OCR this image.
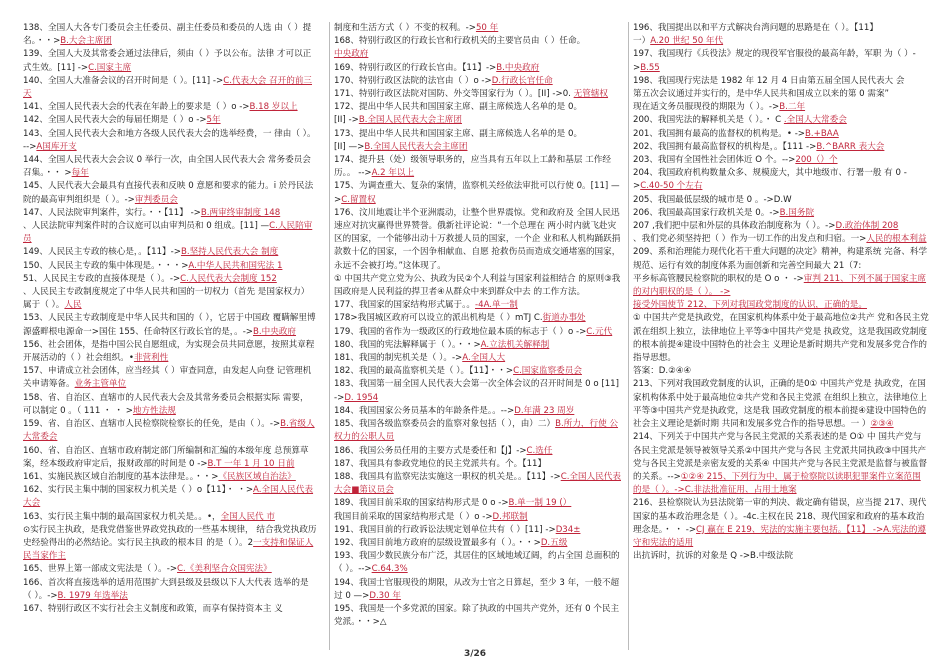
138、全国人大各专门委员会主任委员、副主任委员和委员的人选 由（ ）提名。・・>B.大会主席团
139、全国人大及其常委会通过法律后，须由（ ）予以公布。法律 才可以正式生效。[11] ->C.国家主席
140、全国人大准备会议的召开时间是（ ）。[11] ->C.代表大会 召开的前三天
141、全国人民代表大会的代表在年龄上的要求是（ ）o ->B.18 岁以上
142、全国人民代表大会的每届任期是（ ）o ->5年
143、全国人民代表大会和地方各级人民代表大会的选举经费，一 律由（ ）。 -->A国库开支
144、全国人民代表大会会议 0 举行一次，由全国人民代表大会 常务委员会召集。・・ >每年
145、人民代表大会最具有直接代表和反映 0 意愿和要求的能力。i 於丹民法院的最高审判组织是（ ）。->审判委员会
147、人民法院审判案件，实行。・・【11】 ->B.两审终审制度 148
、人民法院审判案件时的合议庭可以由审判员和 0 组成。[11] —C.人民陪审员
149、人民民主专政的核心是，。【11】->B.坚持人民代表大会 制度
150、人民民主专政的集中体现是。・・・>A.中华人民共和国宪法 1
51、人民民主专政的直接体现是（ ）。->C.人民代表大会制度 152
、人民民主专政制度规定了中华人民共和国的一切权力（首先 是国家权力）属于（ ）。人民
153、人民民主专政制度是中华人民共和国的（ ），它居于中国政 覆瞒解里博源盛畔根电源命一>国住 155、任命特区行政长官的是，。->B.中央政府
156、社会团体，是指中国公民自愿组成，为实现会员共同意愿，按照其章程开展活动的（ ）社会组织。•非营利性
157、申请成立社会团体，应当经其（ ）审查同意，由发起人向登 记管理机关申请筹备。业务主管单位
158、省、自治区、直辖市的人民代表大会及其常务委员会根据实际 需要，可以制定 0 。（ 111 ・ ・ >地方性法规
159、省、自治区、直辖市人民检察院检察长的任免，是由（ ）。->B.省级人大常委会
160、省、自治区、直辖市政府制定部门所编制和汇编的本级年度 总预算草案，经本级政府审定后，报财政部的时间是 0 ->B.T 一年 1 月 10 日前
161、实施民族区域自治制度的基本法律是。。・・>《民族区域自治法》
162、实行民主集中制的国家权力机关是（ ）o【11】・ ・>A.全国人民代表大会
163、实行民主集中制的最高国家权力机关是。。•，全国人民代 市
⊙实行民主执政，是我党借鉴世界政党执政的一些基本规律， 结合我党执政历史经验得出的必然结论。实行民主执政的根本目 的是（ ）。2一支持和保证人民当家作主
165、世界上第一部成文宪法是（ ）。->C.《美利坚合众国宪法》
166、首次将直接选举的适用范围扩大到县级及县级以下人大代表 选举的是（ ）。->B. 1979 年选举法
167、特别行政区不实行社会主义制度和政策，而享有保持资本主 义
制度和生活方式（ ）不变的权利。->50 年
168、特别行政区的行政长官和行政机关的主要官员由（ ）任命。
中央政府
169、特别行政区的行政长官由。【11】->B.中央政府
170、特别行政区法院的法官由（ ）o ->D.行政长官任命
171、特别行政区法院对国防、外交等国家行为（ ）。[II] ->0. 无管辖权
172、提出中华人民共和国国家主席、副主席候选人名单的是 0。
[II] ->B.全国人民代表大会主席团
173、提出中华人民共和国国家主席、副主席候选人名单的是 0。
[II] —>B.全国人民代表大会主席团
174、提升县（处）级领导职务的，应当具有五年以上工龄和基层 工作经历。。 -->A.2 年以上
175、为调查重大、复杂的案情，监察机关经依法审批可以行使 0。[11] —>C.留置权
176、汶川地震让半个亚洲震动，让整个世界震惊。党和政府及 全国人民迅速应对抗灾赢得世界赞誉。俄新社评论说：“一个总理在 两小时内就飞赴灾区的国家，一个能够出动十万救援人员的国家，一个企 业和私人机构踊跃捐款数十亿的国家，一个因争相献血、自愿 抢救伤员而造成交通堵塞的国家，永远不会被打垮。”这体现了。
① 中国共产党立党为公、执政为民②个人利益与国家利益相结合 的原则③我国政府是人民利益的捍卫者④从群众中来到群众中去 的工作方法。
177、我国家的国家结构形式属于。。-4A.单一制
178>我国城区政府可以设立的派出机构是（ ）mTJ C.街道办事处
179、我国的省作为一级政区的行政地位最本质的标志于（ ）o ->C.元代
180、我国的宪法解释属于（ ）。・・>A.立法机关解释制
181、我国的制宪机关是（ ）。->A.全国人大
182、我国的最高监察机关是（ ）。【11】・・>C.国家监察委员会
183、我国第一届全国人民代表大会第一次全体会议的召开时间是 0 o [11] ->D. 1954
184、我国国家公务员基本的年龄条件是。。-->D.年满 23 周岁
185、我国各级监察委员会的监察对象包括（ ），由）二）B.所力，行使 公 权力的公职人员
186、我国公务员任用的主要方式是委任和【J】->C.选任
187、我国具有参政党地位的民主党派共有。个。【11】
188、我国具有监察宪法实施这一职权的机关是。。【11】->C.全国人民代表大会■第议员会
189、我国目前采取的国家结构形式是 0 o ->B.单一制 19 (）
我国目前采取的国家结构形式是（ ）o ->D.邦联制
191、我国目前的行政诉讼法规定划单位共有（ ）[11] ->D34±
192、我国目前地方政府的层级设置最多有（ ）。・・>D.五级
193、我国少数民族分布广泛，其居住的区域地域辽阔，约占全国 总面积的（ ）。-->C.64.3%
194、我国士官服现役的期限，从改为士官之日算起，至少 3 年，一般不超过 0 —>D.30 年
195、我国是一个多党派的国家。除了执政的中国共产党外，还有 0 个民主党派。・・>△
196、我国提出以和平方式解决台湾问题的思路是在（ ）。【11】
一）A.20 世纪 50 年代
197、我国现行《兵役法》规定的现役军官服役的最高年龄，军职 为（ ）->B.55
198、我国现行宪法是 1982 年 12 月 4 日由第五届全国人民代表大 会
第五次会议通过并实行的，是中华人民共和国成立以来的第 0 需案”
现在适文务员服现役的期限为（ ）。->B.二年
200、我国宪法的解释机关是（ ）。・ C .全国人大常委会
201、我国拥有最高的监督权的机构是。• ->B.+BAA
202、我国拥有最高监督权的机构是，。【111 ->B.^BARR 表大会
203、我国有全国性社会团体近 O 个。-->200（）个
204、我国政府机构数量众多、规模庞大，其中地级市、行署一般 有 0 ->C.40-50 个左右
205、我国最低层级的城市是 0 。->D.W
206、我国最高国家行政机关是 0。->B.国务院
207 ,我们把中层和外层的具体政治制度称为（ ）。->D.政治体制 208
、我们党必须坚持把（ ）作为一切工作的出发点和归宿。一>人民的根本利益
209、系和治理能力现代化若干重大问题的决定》精神，构建系统 完备、科学规范、运行有效的制度体系为面创新和完善空间最大 21（7:
平乡标高管腰民检察院的职权的是 O o ・ ->审判 211、下列不属于国家主席的对内职权的是（ ）。 ->
接受外国使节 212、下列对我国政党制度的认识，正确的是。
① 中国共产党是执政党，在国家机构体系中处于最高地位②共产 党和各民主党派在组织上独立，法律地位上平等③中国共产党是 执政党，这是我国政党制度的根本前提④建设中国特色的社会主 义理论是新时期共产党和发展多党合作的指导思想。
答案：D.②④④
213、下列对我国政党制度的认识，正确的是0① 中国共产党是 执政党，在国家机构体系中处于最高地位②共产党和各民主党派 在组织上独立，法律地位上平等③中国共产党是执政党，这是我 国政党制度的根本前提④建设中国特色的社会主义理论是新时期 共同和发展多党合作的指导思想。一 ）②③④
214、下列关于中国共产党与各民主党派的关系表述的是 O① 中 国共产党与各民主党派是领导被领导关系②中国共产党与各民 主党派共同执政③中国共产党与各民主党派是亲密友爱的关系④ 中国共产党与各民主党派是监督与被监督的关系。-->①②④ 215、下列行为中，属于检察院以读职犯罪案件立案范围的是（ ）。->C.非法批准征用、占用土地案
216、县检察院认为县法院第一审的判决、裁定确有错误，应当提 217、现代国家的基本政治理念是（ ）。-4c.主权在民 218、现代国家和政府的基本政治理念是。・ ・ ->CJ 赢在 E 219、宪法的实施主要包括。【11】 ->A.宪法的遵守和宪法的适用
出抗诉时，抗诉的对象是 Q ->B.中级法院
3/26
